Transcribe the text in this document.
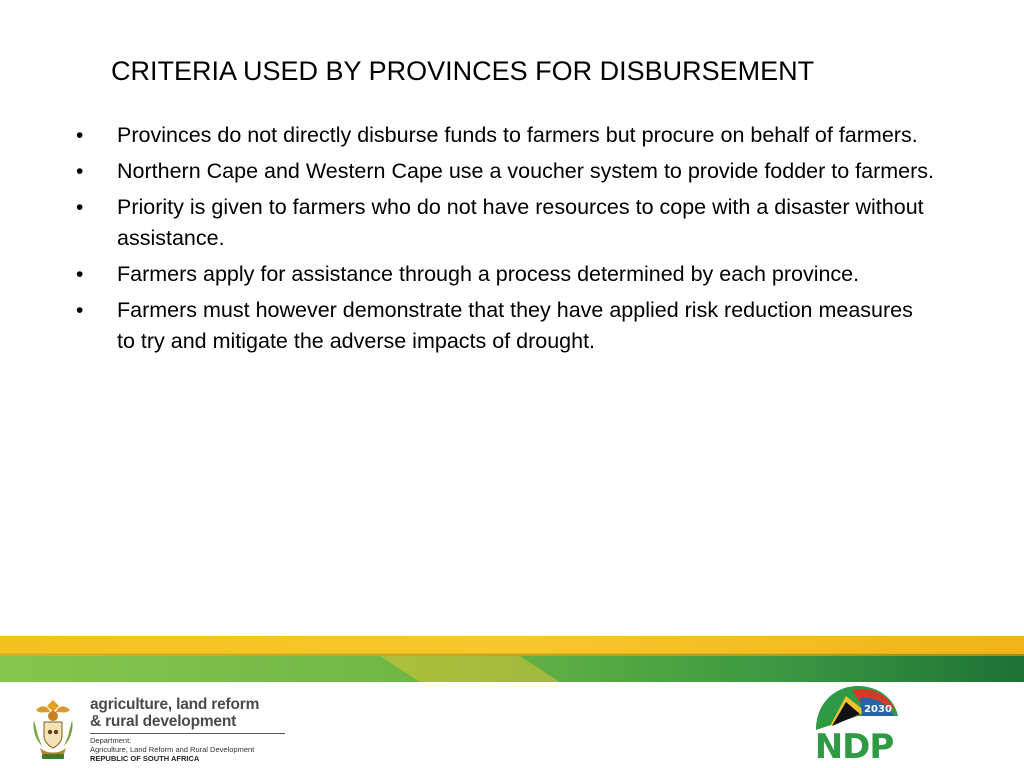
CRITERIA USED BY PROVINCES FOR DISBURSEMENT
• Provinces do not directly disburse funds to farmers but procure on behalf of farmers.
• Northern Cape and Western Cape use a voucher system to provide fodder to farmers.
• Priority is given to farmers who do not have resources to cope with a disaster without assistance.
• Farmers apply for assistance through a process determined by each province.
• Farmers must however demonstrate that they have applied risk reduction measures to try and mitigate the adverse impacts of drought.
agriculture, land reform
& rural development
Department:
Agriculture, Land Reform and Rural Development
REPUBLIC OF SOUTH AFRICA
2030
NDP
